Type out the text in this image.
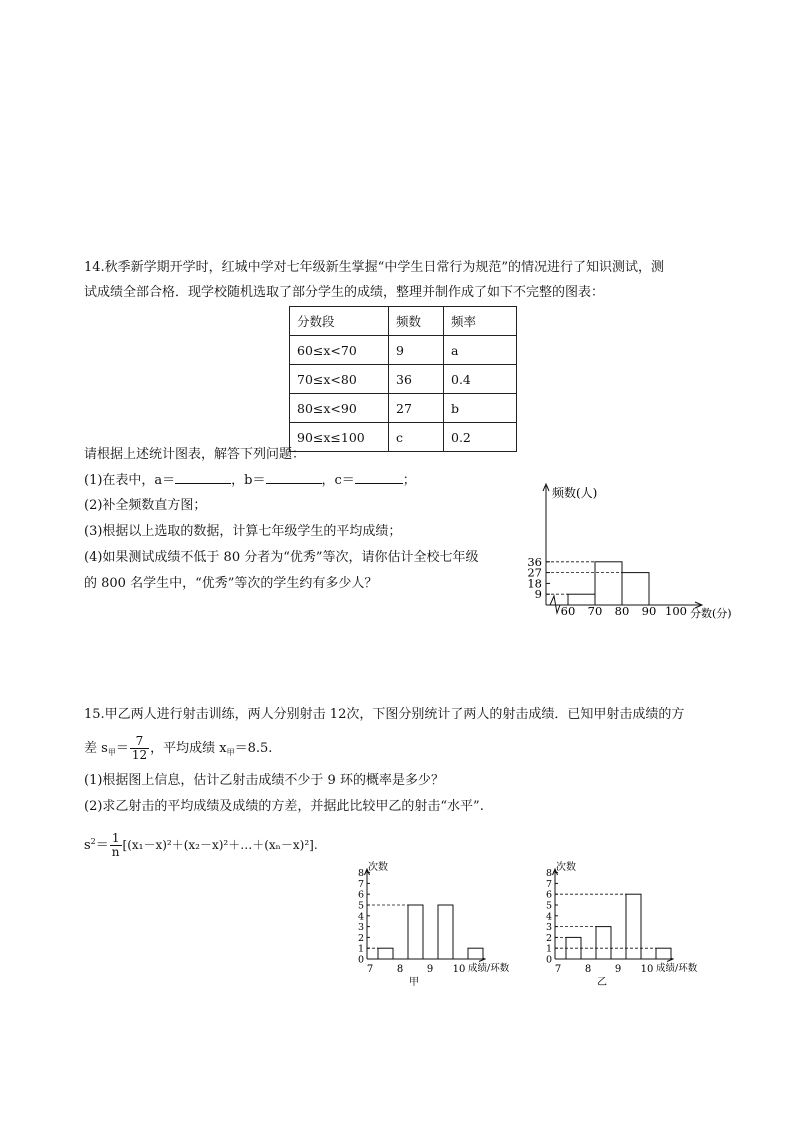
14.秋季新学期开学时，红城中学对七年级新生掌握“中学生日常行为规范”的情况进行了知识测试，测
试成绩全部合格．现学校随机选取了部分学生的成绩，整理并制作成了如下不完整的图表：
分数段	频数	频率
60≤x<70	9	a
70≤x<80	36	0.4
80≤x<90	27	b
90≤x≤100	c	0.2
请根据上述统计图表，解答下列问题：
(1)在表中，a＝	，b＝	，c＝	；
(2)补全频数直方图；
(3)根据以上选取的数据，计算七年级学生的平均成绩；
(4)如果测试成绩不低于 80 分者为“优秀”等次，请你估计全校七年级
的 800 名学生中，“优秀”等次的学生约有多少人？
频数(人)
分数(分)
9
18
27
36
60 70 80 90 100
15.甲乙两人进行射击训练，两人分别射击 12次，下图分别统计了两人的射击成绩．已知甲射击成绩的方
差 $s_甲= \frac{7}{12}$ ，平均成绩 $x_甲=8.5$.
(1)根据图上信息，估计乙射击成绩不少于 9 环的概率是多少？
(2)求乙射击的平均成绩及成绩的方差，并据此比较甲乙的射击“水平”.
$s^2= \frac{1}{n}$ [(x₁－x)²＋(x₂－x)²＋…＋(xₙ－x)²].
次数
成绩/环数
0
1
2
3
4
5
6
7
8
7 8 9 10
甲
次数
成绩/环数
0
1
2
3
4
5
6
7
8
7 8 9 10
乙
